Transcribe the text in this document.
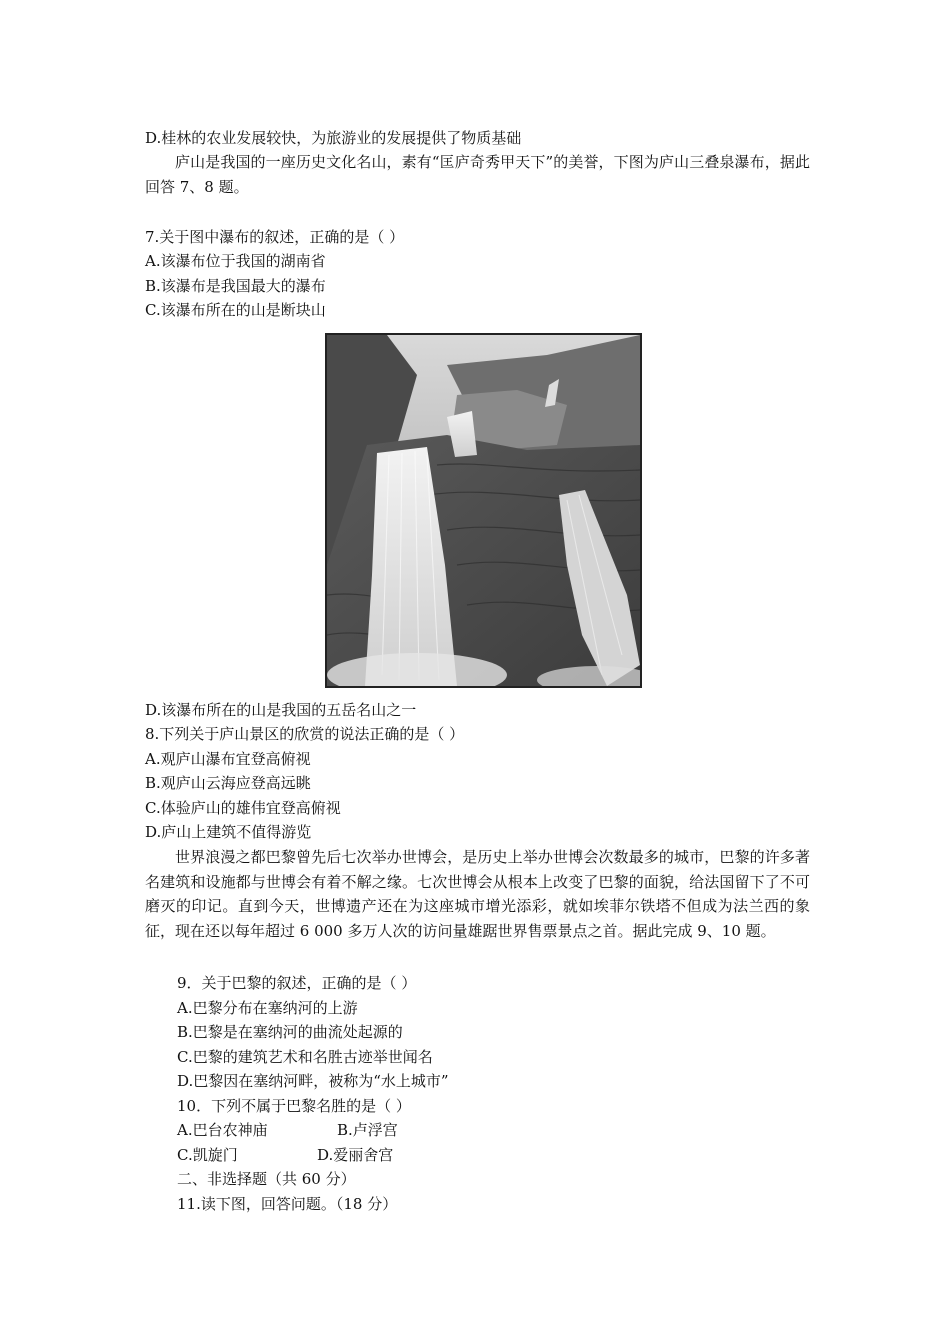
D.桂林的农业发展较快，为旅游业的发展提供了物质基础
庐山是我国的一座历史文化名山，素有“匡庐奇秀甲天下”的美誉，下图为庐山三叠泉瀑布，据此回答 7、8 题。
7.关于图中瀑布的叙述，正确的是（ ）
A.该瀑布位于我国的湖南省
B.该瀑布是我国最大的瀑布
C.该瀑布所在的山是断块山
D.该瀑布所在的山是我国的五岳名山之一
8.下列关于庐山景区的欣赏的说法正确的是（ ）
A.观庐山瀑布宜登高俯视
B.观庐山云海应登高远眺
C.体验庐山的雄伟宜登高俯视
D.庐山上建筑不值得游览
世界浪漫之都巴黎曾先后七次举办世博会，是历史上举办世博会次数最多的城市，巴黎的许多著名建筑和设施都与世博会有着不解之缘。七次世博会从根本上改变了巴黎的面貌，给法国留下了不可磨灭的印记。直到今天，世博遗产还在为这座城市增光添彩，就如埃菲尔铁塔不但成为法兰西的象征，现在还以每年超过 6 000 多万人次的访问量雄踞世界售票景点之首。据此完成 9、10 题。
9．关于巴黎的叙述，正确的是（ ）
A.巴黎分布在塞纳河的上游
B.巴黎是在塞纳河的曲流处起源的
C.巴黎的建筑艺术和名胜古迹举世闻名
D.巴黎因在塞纳河畔，被称为“水上城市”
10．下列不属于巴黎名胜的是（ ）
A.巴台农神庙	B.卢浮宫
C.凯旋门	D.爱丽舍宫
二、非选择题（共 60 分）
11.读下图，回答问题。（18 分）
